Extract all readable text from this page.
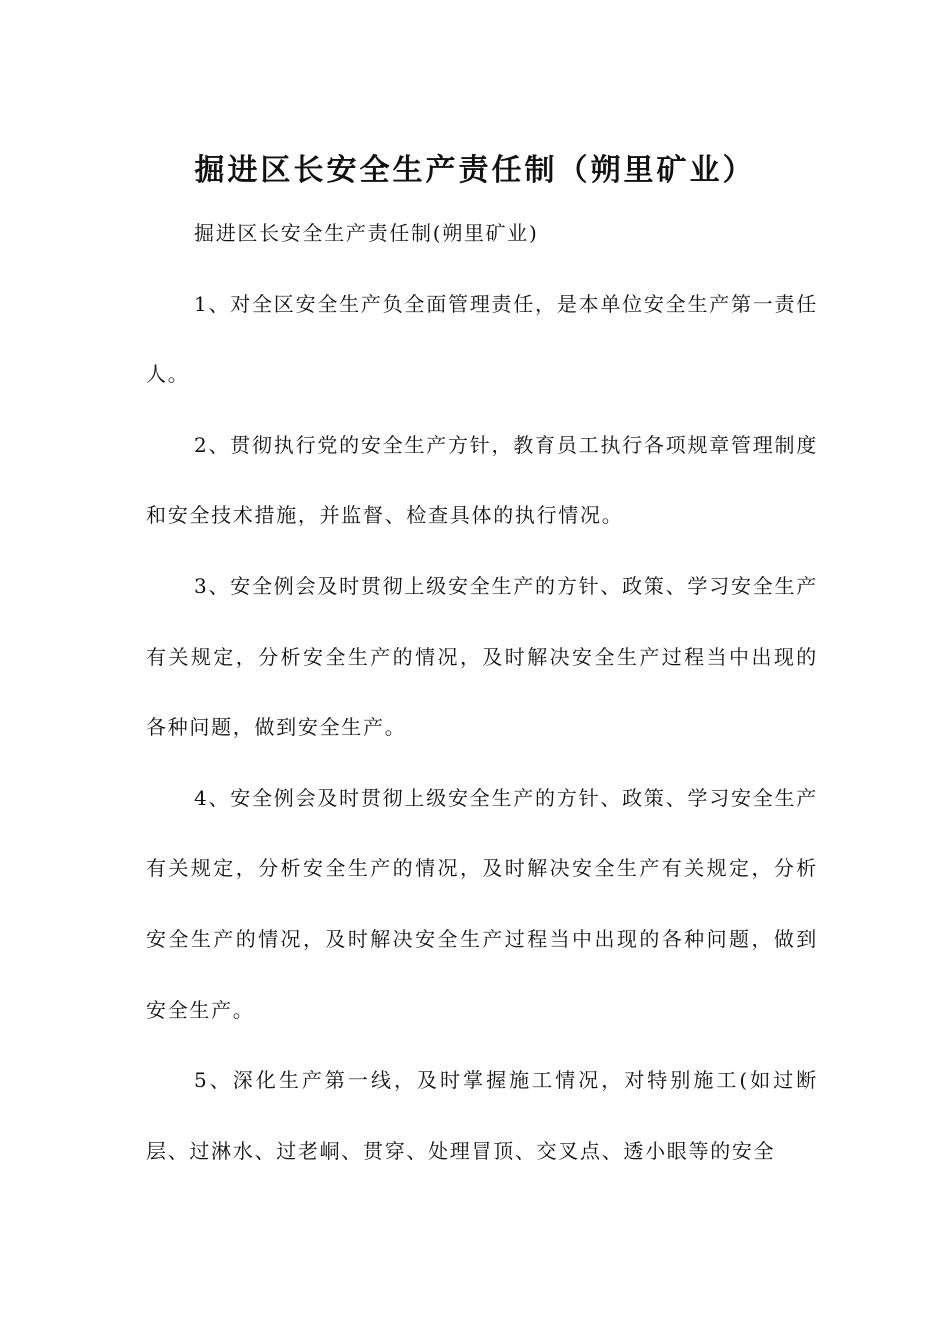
掘进区长安全生产责任制（朔里矿业）

掘进区长安全生产责任制(朔里矿业)

1、对全区安全生产负全面管理责任，是本单位安全生产第一责任人。

2、贯彻执行党的安全生产方针，教育员工执行各项规章管理制度和安全技术措施，并监督、检查具体的执行情况。

3、安全例会及时贯彻上级安全生产的方针、政策、学习安全生产有关规定，分析安全生产的情况，及时解决安全生产过程当中出现的各种问题，做到安全生产。

4、安全例会及时贯彻上级安全生产的方针、政策、学习安全生产有关规定，分析安全生产的情况，及时解决安全生产有关规定，分析安全生产的情况，及时解决安全生产过程当中出现的各种问题，做到安全生产。

5、深化生产第一线，及时掌握施工情况，对特别施工(如过断层、过淋水、过老峒、贯穿、处理冒顶、交叉点、透小眼等的安全
